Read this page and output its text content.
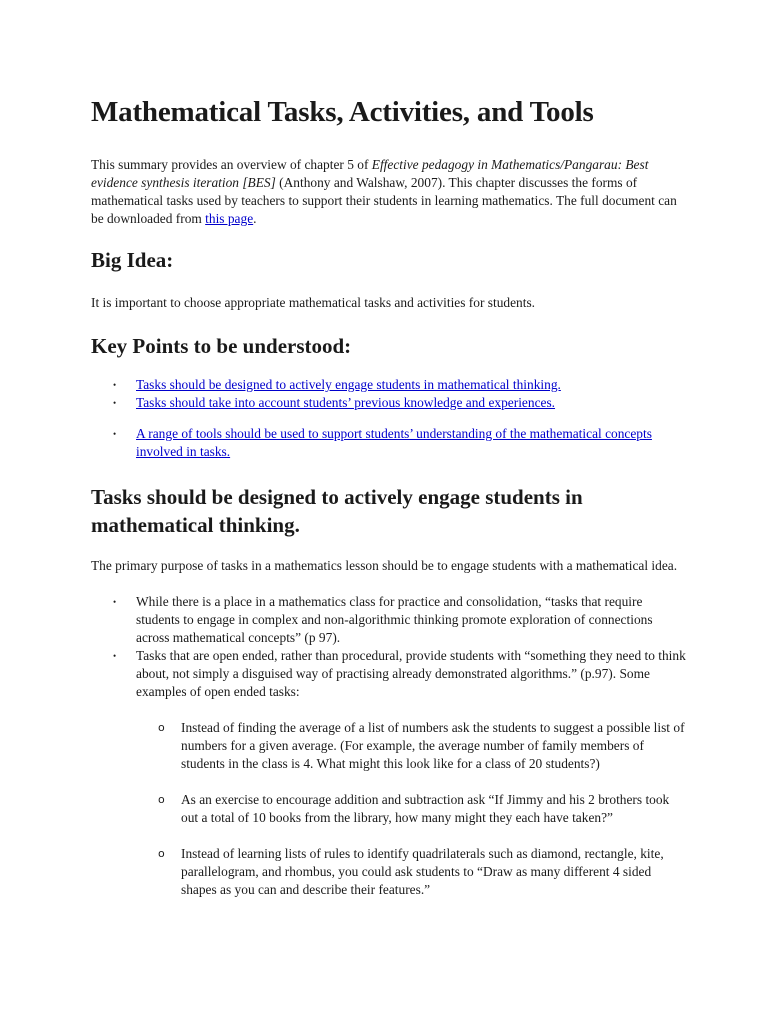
Mathematical Tasks, Activities, and Tools

This summary provides an overview of chapter 5 of Effective pedagogy in Mathematics/Pangarau: Best evidence synthesis iteration [BES] (Anthony and Walshaw, 2007). This chapter discusses the forms of mathematical tasks used by teachers to support their students in learning mathematics. The full document can be downloaded from this page.

Big Idea:

It is important to choose appropriate mathematical tasks and activities for students.

Key Points to be understood:
• Tasks should be designed to actively engage students in mathematical thinking.
• Tasks should take into account students’ previous knowledge and experiences.
• A range of tools should be used to support students’ understanding of the mathematical concepts involved in tasks.
Tasks should be designed to actively engage students in mathematical thinking.

The primary purpose of tasks in a mathematics lesson should be to engage students with a mathematical idea.

• While there is a place in a mathematics class for practice and consolidation, “tasks that require students to engage in complex and non-algorithmic thinking promote exploration of connections across mathematical concepts” (p 97).
• Tasks that are open ended, rather than procedural, provide students with “something they need to think about, not simply a disguised way of practising already demonstrated algorithms.” (p.97). Some examples of open ended tasks:
o Instead of finding the average of a list of numbers ask the students to suggest a possible list of numbers for a given average. (For example, the average number of family members of students in the class is 4. What might this look like for a class of 20 students?)
o As an exercise to encourage addition and subtraction ask “If Jimmy and his 2 brothers took out a total of 10 books from the library, how many might they each have taken?”
o Instead of learning lists of rules to identify quadrilaterals such as diamond, rectangle, kite, parallelogram, and rhombus, you could ask students to “Draw as many different 4 sided shapes as you can and describe their features.”
